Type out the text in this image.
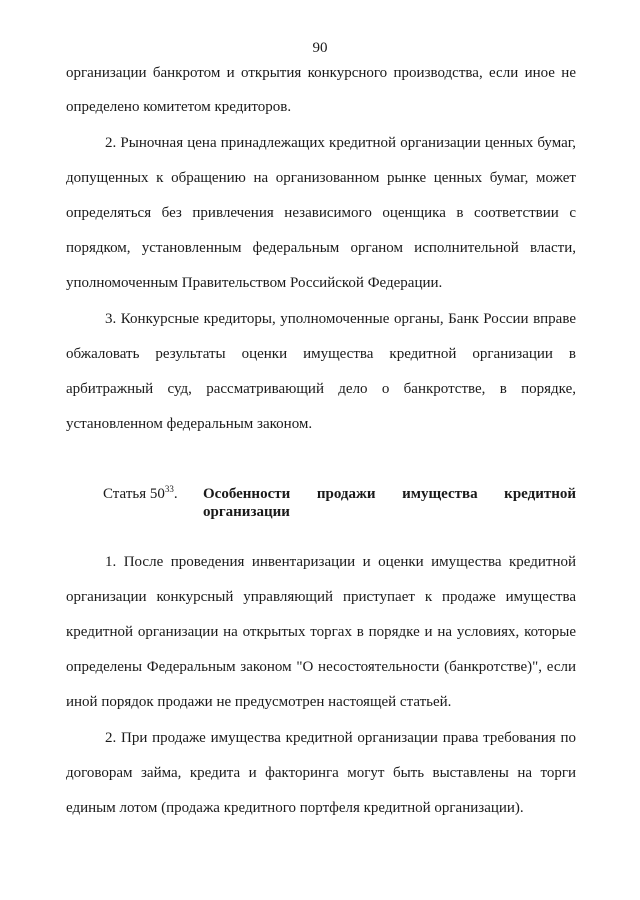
90
организации банкротом и открытия конкурсного производства, если иное не
определено комитетом кредиторов.
2. Рыночная цена принадлежащих кредитной организации ценных бумаг,
допущенных к обращению на организованном рынке ценных бумаг, может
определяться без привлечения независимого оценщика в соответствии с
порядком, установленным федеральным органом исполнительной власти,
уполномоченным Правительством Российской Федерации.
3. Конкурсные кредиторы, уполномоченные органы, Банк России вправе
обжаловать результаты оценки имущества кредитной организации в
арбитражный суд, рассматривающий дело о банкротстве, в порядке,
установленном федеральным законом.
Статья $50^{33}$. Особенности продажи имущества кредитной
организации
1. После проведения инвентаризации и оценки имущества кредитной
организации конкурсный управляющий приступает к продаже имущества
кредитной организации на открытых торгах в порядке и на условиях, которые
определены Федеральным законом "О несостоятельности (банкротстве)", если
иной порядок продажи не предусмотрен настоящей статьей.
2. При продаже имущества кредитной организации права требования по
договорам займа, кредита и факторинга могут быть выставлены на торги
единым лотом (продажа кредитного портфеля кредитной организации).
